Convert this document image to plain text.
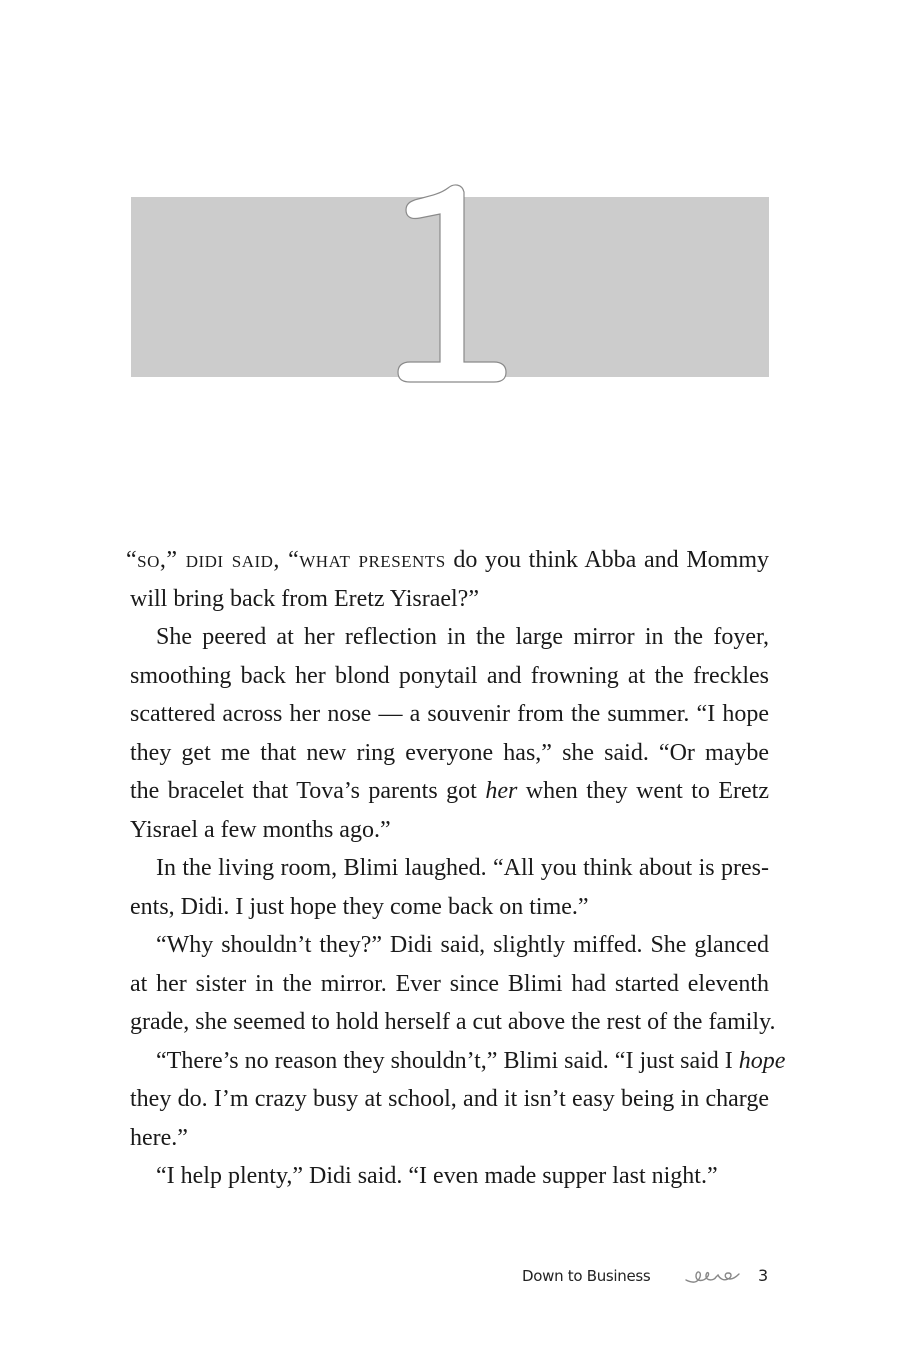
“so,” didi said, “what presents do you think Abba and Mommy
will bring back from Eretz Yisrael?”
She peered at her reflection in the large mirror in the foyer,
smoothing back her blond ponytail and frowning at the freckles
scattered across her nose — a souvenir from the summer. “I hope
they get me that new ring everyone has,” she said. “Or maybe
the bracelet that Tova’s parents got her when they went to Eretz
Yisrael a few months ago.”
In the living room, Blimi laughed. “All you think about is pres-
ents, Didi. I just hope they come back on time.”
“Why shouldn’t they?” Didi said, slightly miffed. She glanced
at her sister in the mirror. Ever since Blimi had started eleventh
grade, she seemed to hold herself a cut above the rest of the family.
“There’s no reason they shouldn’t,” Blimi said. “I just said I hope
they do. I’m crazy busy at school, and it isn’t easy being in charge
here.”
“I help plenty,” Didi said. “I even made supper last night.”
Down to Business	3
